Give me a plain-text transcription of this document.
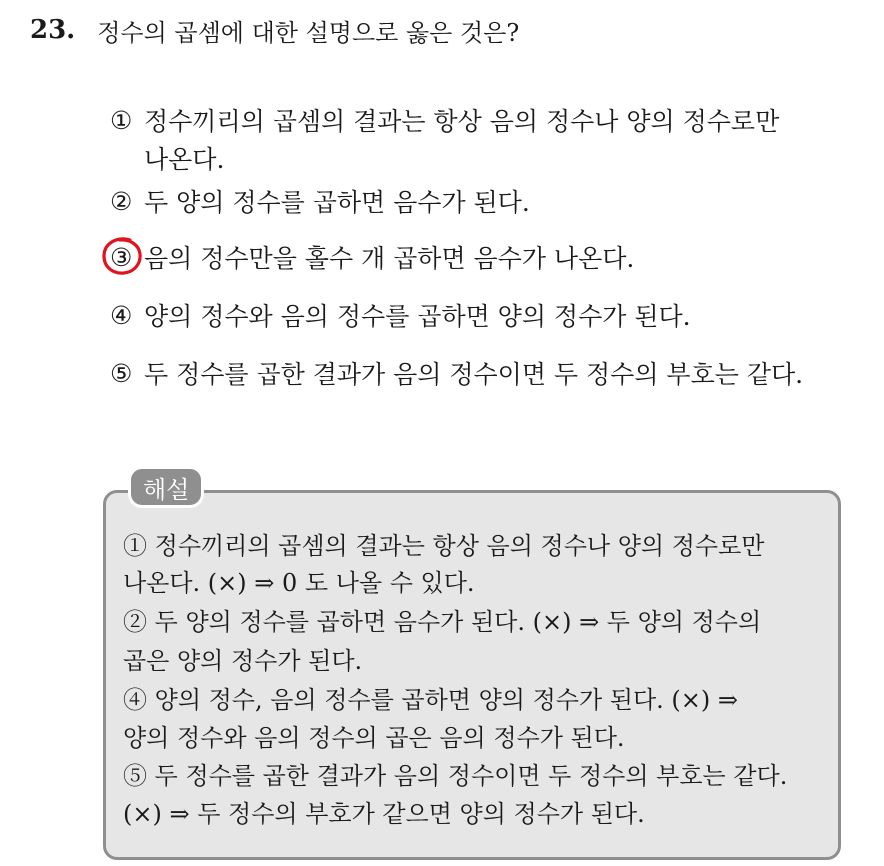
23. 정수의 곱셈에 대한 설명으로 옳은 것은?
① 정수끼리의 곱셈의 결과는 항상 음의 정수나 양의 정수로만
나온다.
② 두 양의 정수를 곱하면 음수가 된다.
③ 음의 정수만을 홀수 개 곱하면 음수가 나온다.
④ 양의 정수와 음의 정수를 곱하면 양의 정수가 된다.
⑤ 두 정수를 곱한 결과가 음의 정수이면 두 정수의 부호는 같다.
해설
① 정수끼리의 곱셈의 결과는 항상 음의 정수나 양의 정수로만
나온다. (×) ⇒ 0 도 나올 수 있다.
② 두 양의 정수를 곱하면 음수가 된다. (×) ⇒ 두 양의 정수의
곱은 양의 정수가 된다.
④ 양의 정수, 음의 정수를 곱하면 양의 정수가 된다. (×) ⇒
양의 정수와 음의 정수의 곱은 음의 정수가 된다.
⑤ 두 정수를 곱한 결과가 음의 정수이면 두 정수의 부호는 같다.
(×) ⇒ 두 정수의 부호가 같으면 양의 정수가 된다.
